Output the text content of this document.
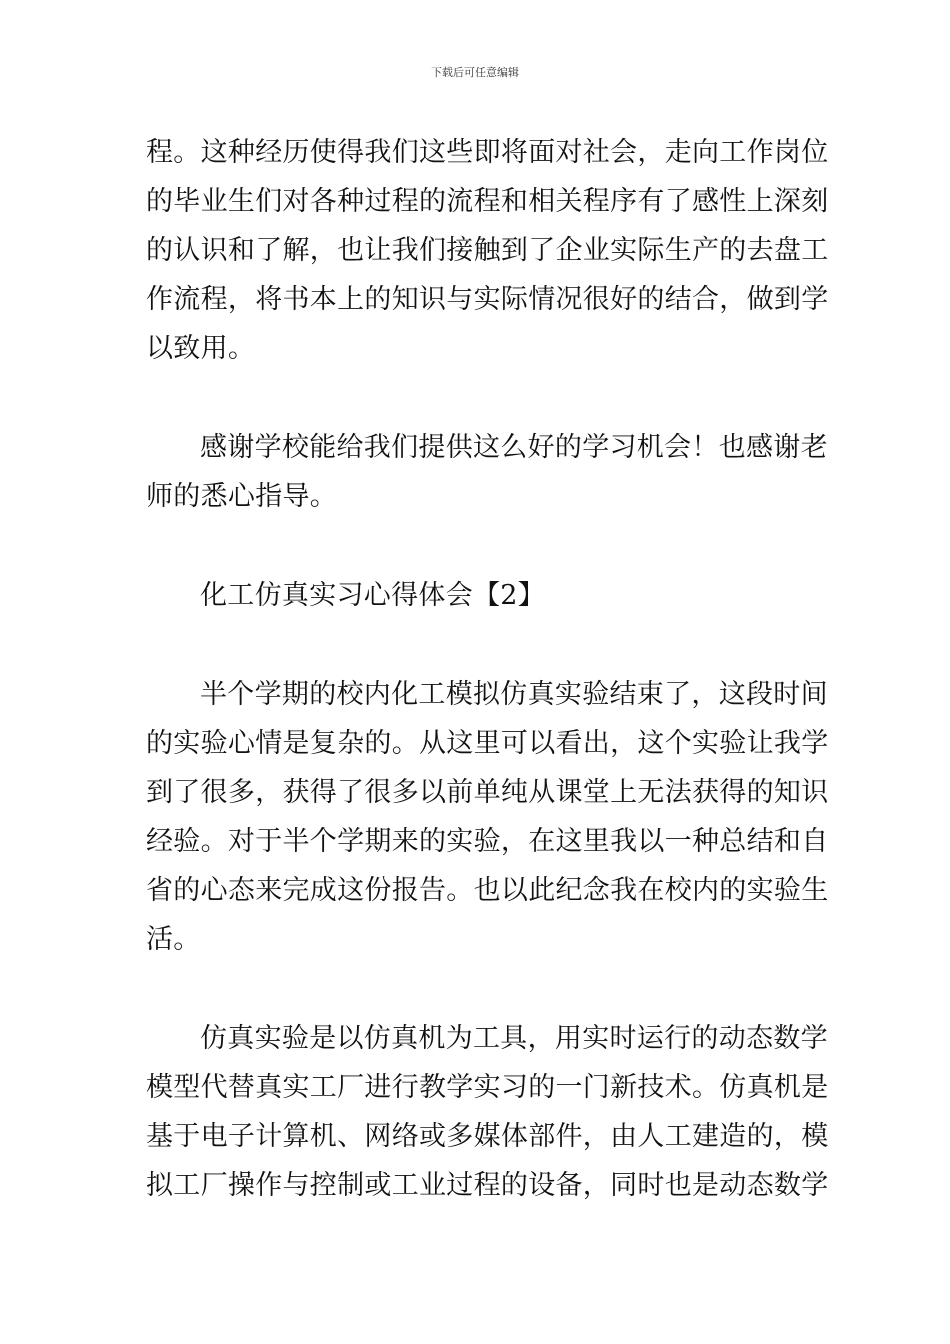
下载后可任意编辑
程。这种经历使得我们这些即将面对社会，走向工作岗位
的毕业生们对各种过程的流程和相关程序有了感性上深刻
的认识和了解，也让我们接触到了企业实际生产的去盘工
作流程，将书本上的知识与实际情况很好的结合，做到学
以致用。
感谢学校能给我们提供这么好的学习机会！也感谢老
师的悉心指导。
化工仿真实习心得体会【2】
半个学期的校内化工模拟仿真实验结束了，这段时间
的实验心情是复杂的。从这里可以看出，这个实验让我学
到了很多，获得了很多以前单纯从课堂上无法获得的知识
经验。对于半个学期来的实验，在这里我以一种总结和自
省的心态来完成这份报告。也以此纪念我在校内的实验生
活。
仿真实验是以仿真机为工具，用实时运行的动态数学
模型代替真实工厂进行教学实习的一门新技术。仿真机是
基于电子计算机、网络或多媒体部件，由人工建造的，模
拟工厂操作与控制或工业过程的设备，同时也是动态数学
